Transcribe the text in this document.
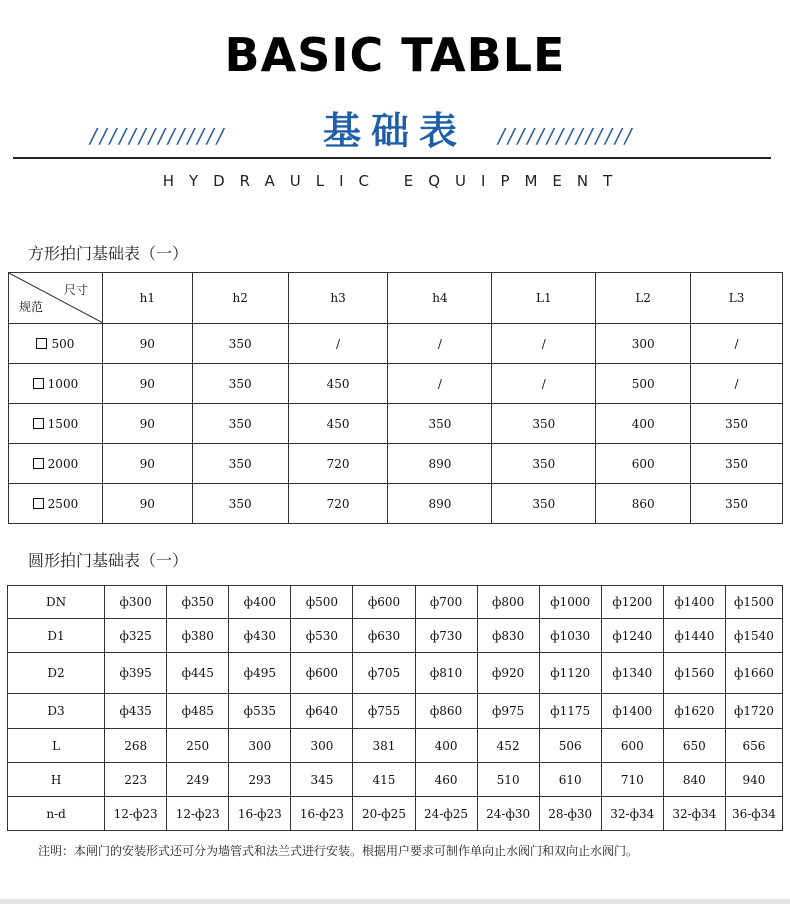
BASIC TABLE
//////////////	基础表	//////////////
HYDRAULIC EQUIPMENT
方形拍门基础表（一）
尺寸
规范	h1	h2	h3	h4	L1	L2	L3
500	90	350	/	/	/	300	/
1000	90	350	450	/	/	500	/
1500	90	350	450	350	350	400	350
2000	90	350	720	890	350	600	350
2500	90	350	720	890	350	860	350
圆形拍门基础表（一）
DN	ф300	ф350	ф400	ф500	ф600	ф700	ф800	ф1000	ф1200	ф1400	ф1500
D1	ф325	ф380	ф430	ф530	ф630	ф730	ф830	ф1030	ф1240	ф1440	ф1540
D2	ф395	ф445	ф495	ф600	ф705	ф810	ф920	ф1120	ф1340	ф1560	ф1660
D3	ф435	ф485	ф535	ф640	ф755	ф860	ф975	ф1175	ф1400	ф1620	ф1720
L	268	250	300	300	381	400	452	506	600	650	656
H	223	249	293	345	415	460	510	610	710	840	940
n-d	12-ф23	12-ф23	16-ф23	16-ф23	20-ф25	24-ф25	24-ф30	28-ф30	32-ф34	32-ф34	36-ф34
注明：本闸门的安装形式还可分为墙管式和法兰式进行安装。根据用户要求可制作单向止水阀门和双向止水阀门。
